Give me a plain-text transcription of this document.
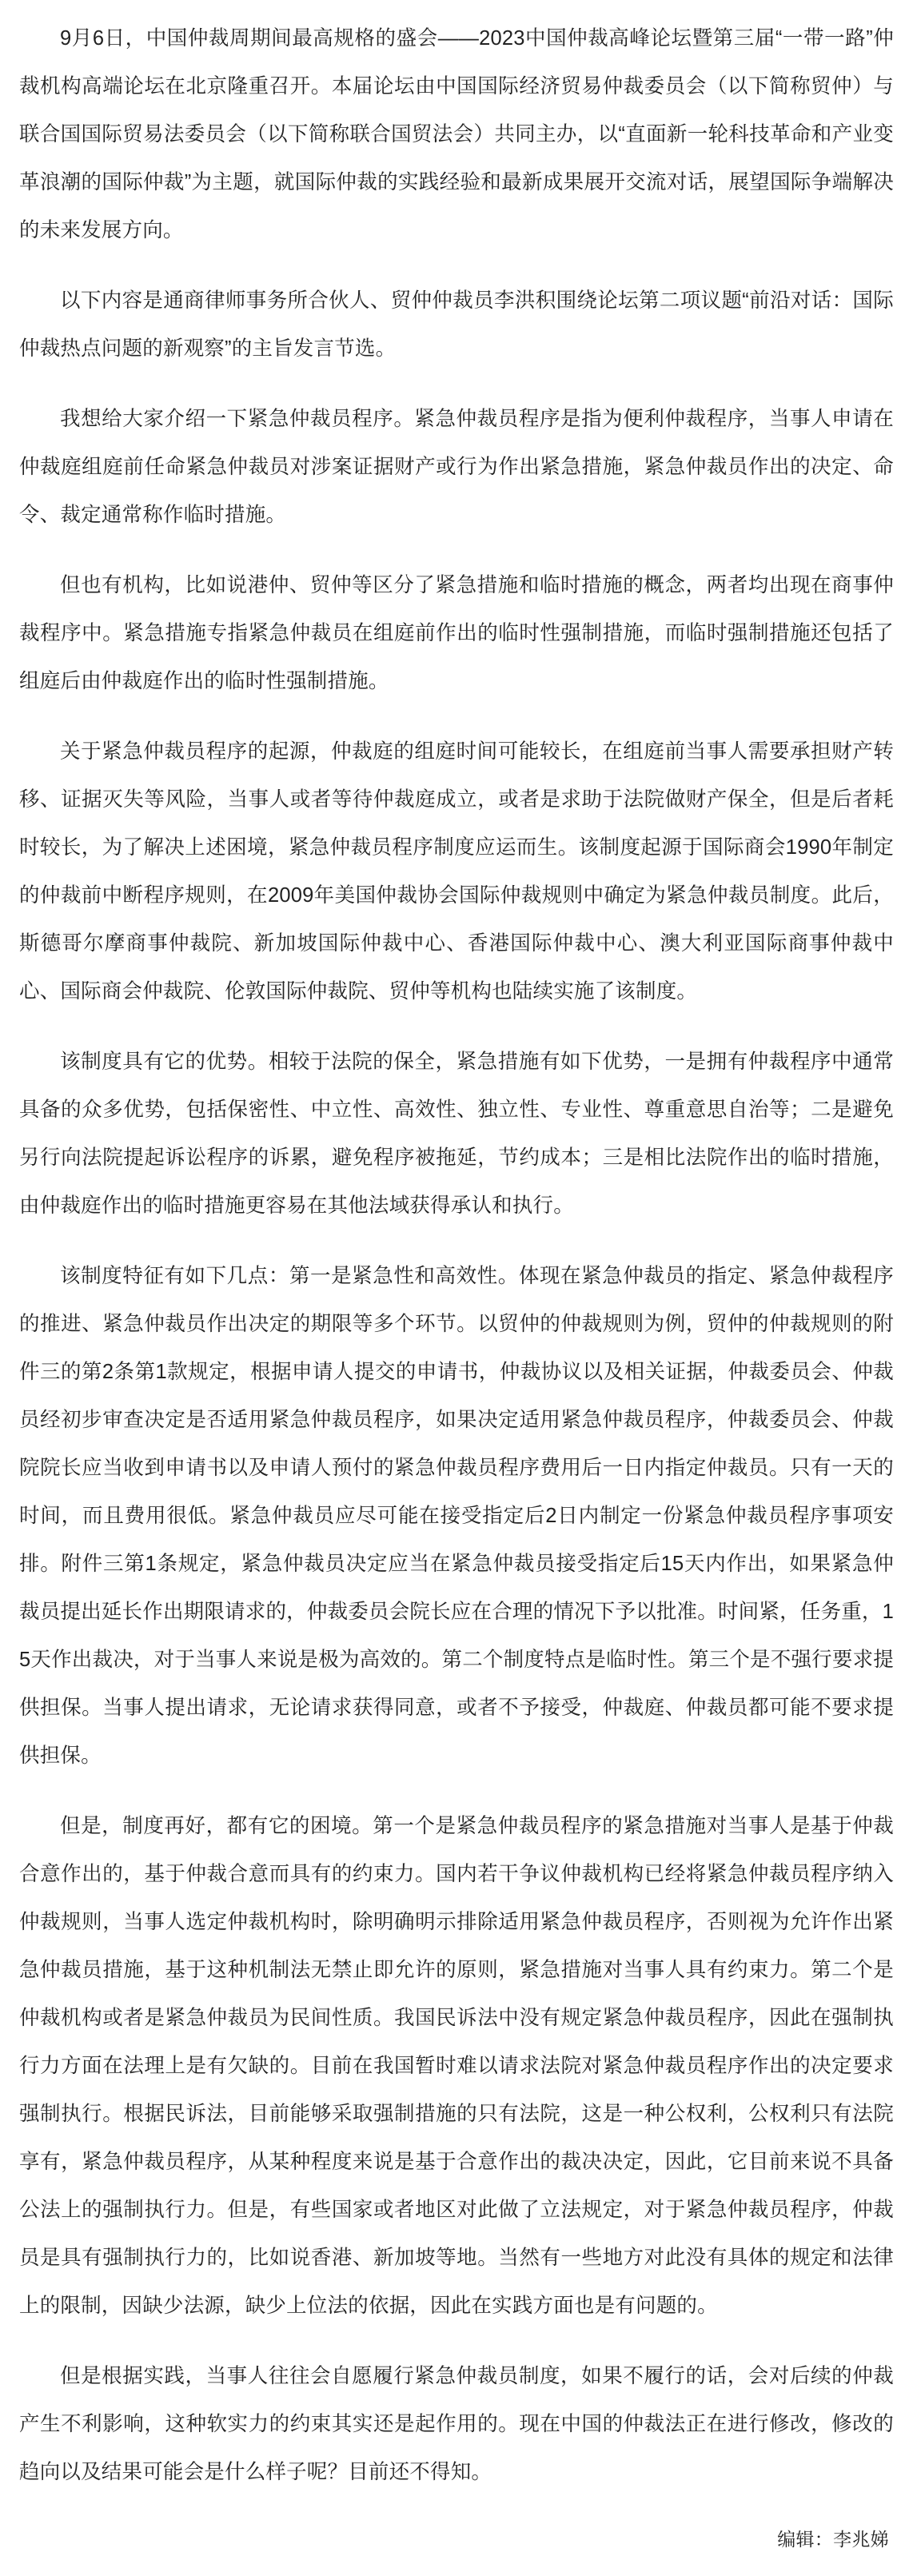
9月6日，中国仲裁周期间最高规格的盛会——2023中国仲裁高峰论坛暨第三届“一带一路”仲裁机构高端论坛在北京隆重召开。本届论坛由中国国际经济贸易仲裁委员会（以下简称贸仲）与联合国国际贸易法委员会（以下简称联合国贸法会）共同主办，以“直面新一轮科技革命和产业变革浪潮的国际仲裁”为主题，就国际仲裁的实践经验和最新成果展开交流对话，展望国际争端解决的未来发展方向。

以下内容是通商律师事务所合伙人、贸仲仲裁员李洪积围绕论坛第二项议题“前沿对话：国际仲裁热点问题的新观察”的主旨发言节选。

我想给大家介绍一下紧急仲裁员程序。紧急仲裁员程序是指为便利仲裁程序，当事人申请在仲裁庭组庭前任命紧急仲裁员对涉案证据财产或行为作出紧急措施，紧急仲裁员作出的决定、命令、裁定通常称作临时措施。

但也有机构，比如说港仲、贸仲等区分了紧急措施和临时措施的概念，两者均出现在商事仲裁程序中。紧急措施专指紧急仲裁员在组庭前作出的临时性强制措施，而临时强制措施还包括了组庭后由仲裁庭作出的临时性强制措施。

关于紧急仲裁员程序的起源，仲裁庭的组庭时间可能较长，在组庭前当事人需要承担财产转移、证据灭失等风险，当事人或者等待仲裁庭成立，或者是求助于法院做财产保全，但是后者耗时较长，为了解决上述困境，紧急仲裁员程序制度应运而生。该制度起源于国际商会1990年制定的仲裁前中断程序规则，在2009年美国仲裁协会国际仲裁规则中确定为紧急仲裁员制度。此后，斯德哥尔摩商事仲裁院、新加坡国际仲裁中心、香港国际仲裁中心、澳大利亚国际商事仲裁中心、国际商会仲裁院、伦敦国际仲裁院、贸仲等机构也陆续实施了该制度。

该制度具有它的优势。相较于法院的保全，紧急措施有如下优势，一是拥有仲裁程序中通常具备的众多优势，包括保密性、中立性、高效性、独立性、专业性、尊重意思自治等；二是避免另行向法院提起诉讼程序的诉累，避免程序被拖延，节约成本；三是相比法院作出的临时措施，由仲裁庭作出的临时措施更容易在其他法域获得承认和执行。

该制度特征有如下几点：第一是紧急性和高效性。体现在紧急仲裁员的指定、紧急仲裁程序的推进、紧急仲裁员作出决定的期限等多个环节。以贸仲的仲裁规则为例，贸仲的仲裁规则的附件三的第2条第1款规定，根据申请人提交的申请书，仲裁协议以及相关证据，仲裁委员会、仲裁员经初步审查决定是否适用紧急仲裁员程序，如果决定适用紧急仲裁员程序，仲裁委员会、仲裁院院长应当收到申请书以及申请人预付的紧急仲裁员程序费用后一日内指定仲裁员。只有一天的时间，而且费用很低。紧急仲裁员应尽可能在接受指定后2日内制定一份紧急仲裁员程序事项安排。附件三第1条规定，紧急仲裁员决定应当在紧急仲裁员接受指定后15天内作出，如果紧急仲裁员提出延长作出期限请求的，仲裁委员会院长应在合理的情况下予以批准。时间紧，任务重，15天作出裁决，对于当事人来说是极为高效的。第二个制度特点是临时性。第三个是不强行要求提供担保。当事人提出请求，无论请求获得同意，或者不予接受，仲裁庭、仲裁员都可能不要求提供担保。

但是，制度再好，都有它的困境。第一个是紧急仲裁员程序的紧急措施对当事人是基于仲裁合意作出的，基于仲裁合意而具有的约束力。国内若干争议仲裁机构已经将紧急仲裁员程序纳入仲裁规则，当事人选定仲裁机构时，除明确明示排除适用紧急仲裁员程序，否则视为允许作出紧急仲裁员措施，基于这种机制法无禁止即允许的原则，紧急措施对当事人具有约束力。第二个是仲裁机构或者是紧急仲裁员为民间性质。我国民诉法中没有规定紧急仲裁员程序，因此在强制执行力方面在法理上是有欠缺的。目前在我国暂时难以请求法院对紧急仲裁员程序作出的决定要求强制执行。根据民诉法，目前能够采取强制措施的只有法院，这是一种公权利，公权利只有法院享有，紧急仲裁员程序，从某种程度来说是基于合意作出的裁决决定，因此，它目前来说不具备公法上的强制执行力。但是，有些国家或者地区对此做了立法规定，对于紧急仲裁员程序，仲裁员是具有强制执行力的，比如说香港、新加坡等地。当然有一些地方对此没有具体的规定和法律上的限制，因缺少法源，缺少上位法的依据，因此在实践方面也是有问题的。

但是根据实践，当事人往往会自愿履行紧急仲裁员制度，如果不履行的话，会对后续的仲裁产生不利影响，这种软实力的约束其实还是起作用的。现在中国的仲裁法正在进行修改，修改的趋向以及结果可能会是什么样子呢？目前还不得知。

编辑：李兆娣
